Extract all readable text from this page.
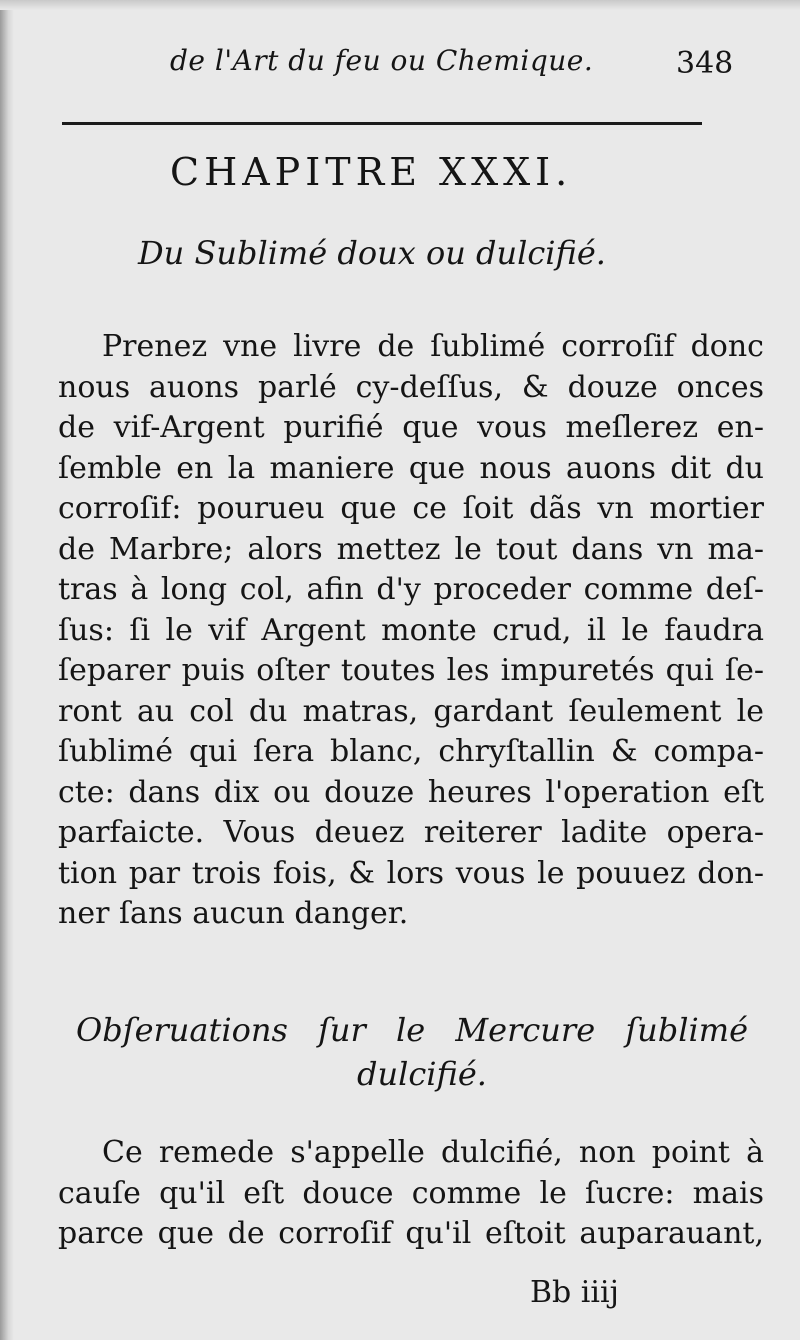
de l'Art du feu ou Chemique.	348
CHAPITRE XXXI.
Du Sublimé doux ou dulcifié.
Prenez vne livre de ſublimé corroſif donc
nous auons parlé cy-deſſus, & douze onces
de vif-Argent purifié que vous meſlerez en-
ſemble en la maniere que nous auons dit du
corroſif: pourueu que ce ſoit dãs vn mortier
de Marbre; alors mettez le tout dans vn ma-
tras à long col, afin d'y proceder comme deſ-
ſus: ſi le vif Argent monte crud, il le faudra
ſeparer puis oſter toutes les impuretés qui ſe-
ront au col du matras, gardant ſeulement le
ſublimé qui ſera blanc, chryſtallin & compa-
cte: dans dix ou douze heures l'operation eſt
parfaicte. Vous deuez reiterer ladite opera-
tion par trois fois, & lors vous le pouuez don-
ner ſans aucun danger.
Obſeruations ſur le Mercure ſublimé
dulcifié.
Ce remede s'appelle dulcifié, non point à
cauſe qu'il eſt douce comme le ſucre: mais
parce que de corroſif qu'il eſtoit auparauant,
Bb iiij
